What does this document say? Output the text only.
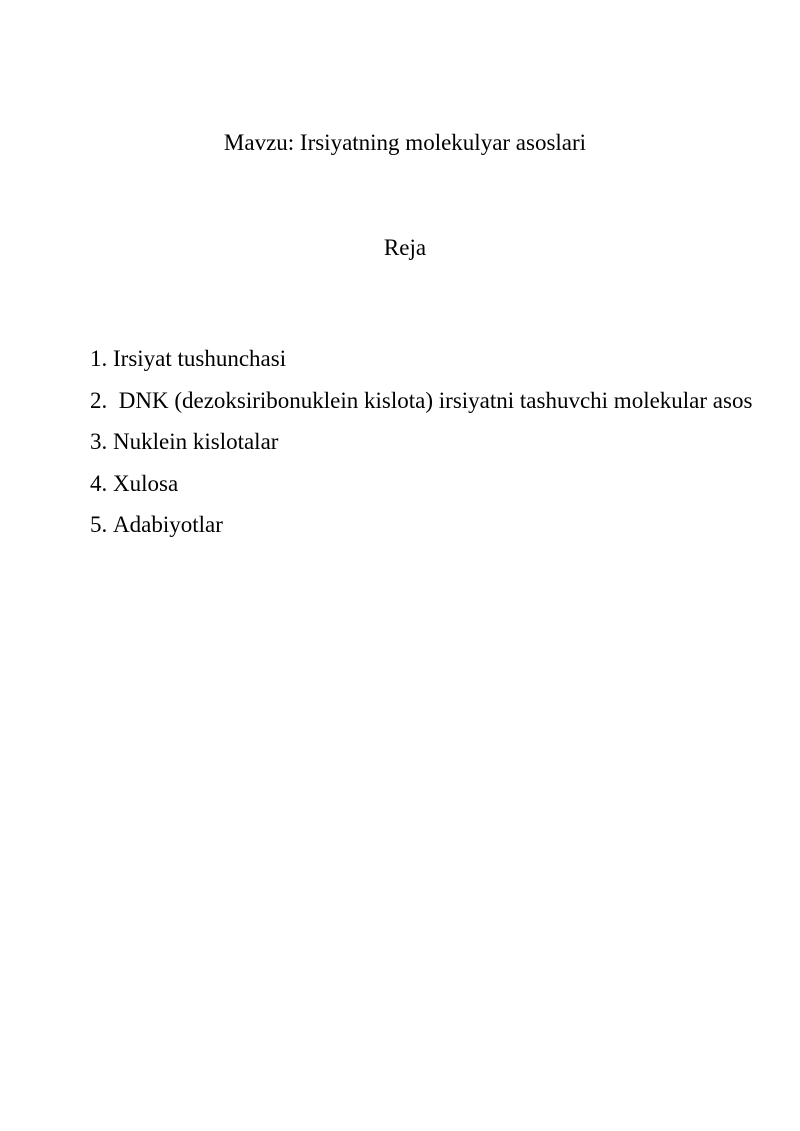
Mavzu: Irsiyatning molekulyar asoslari
Reja
1. Irsiyat tushunchasi
2. DNK (dezoksiribonuklein kislota) irsiyatni tashuvchi molekular asos
3. Nuklein kislotalar
4. Xulosa
5. Adabiyotlar
